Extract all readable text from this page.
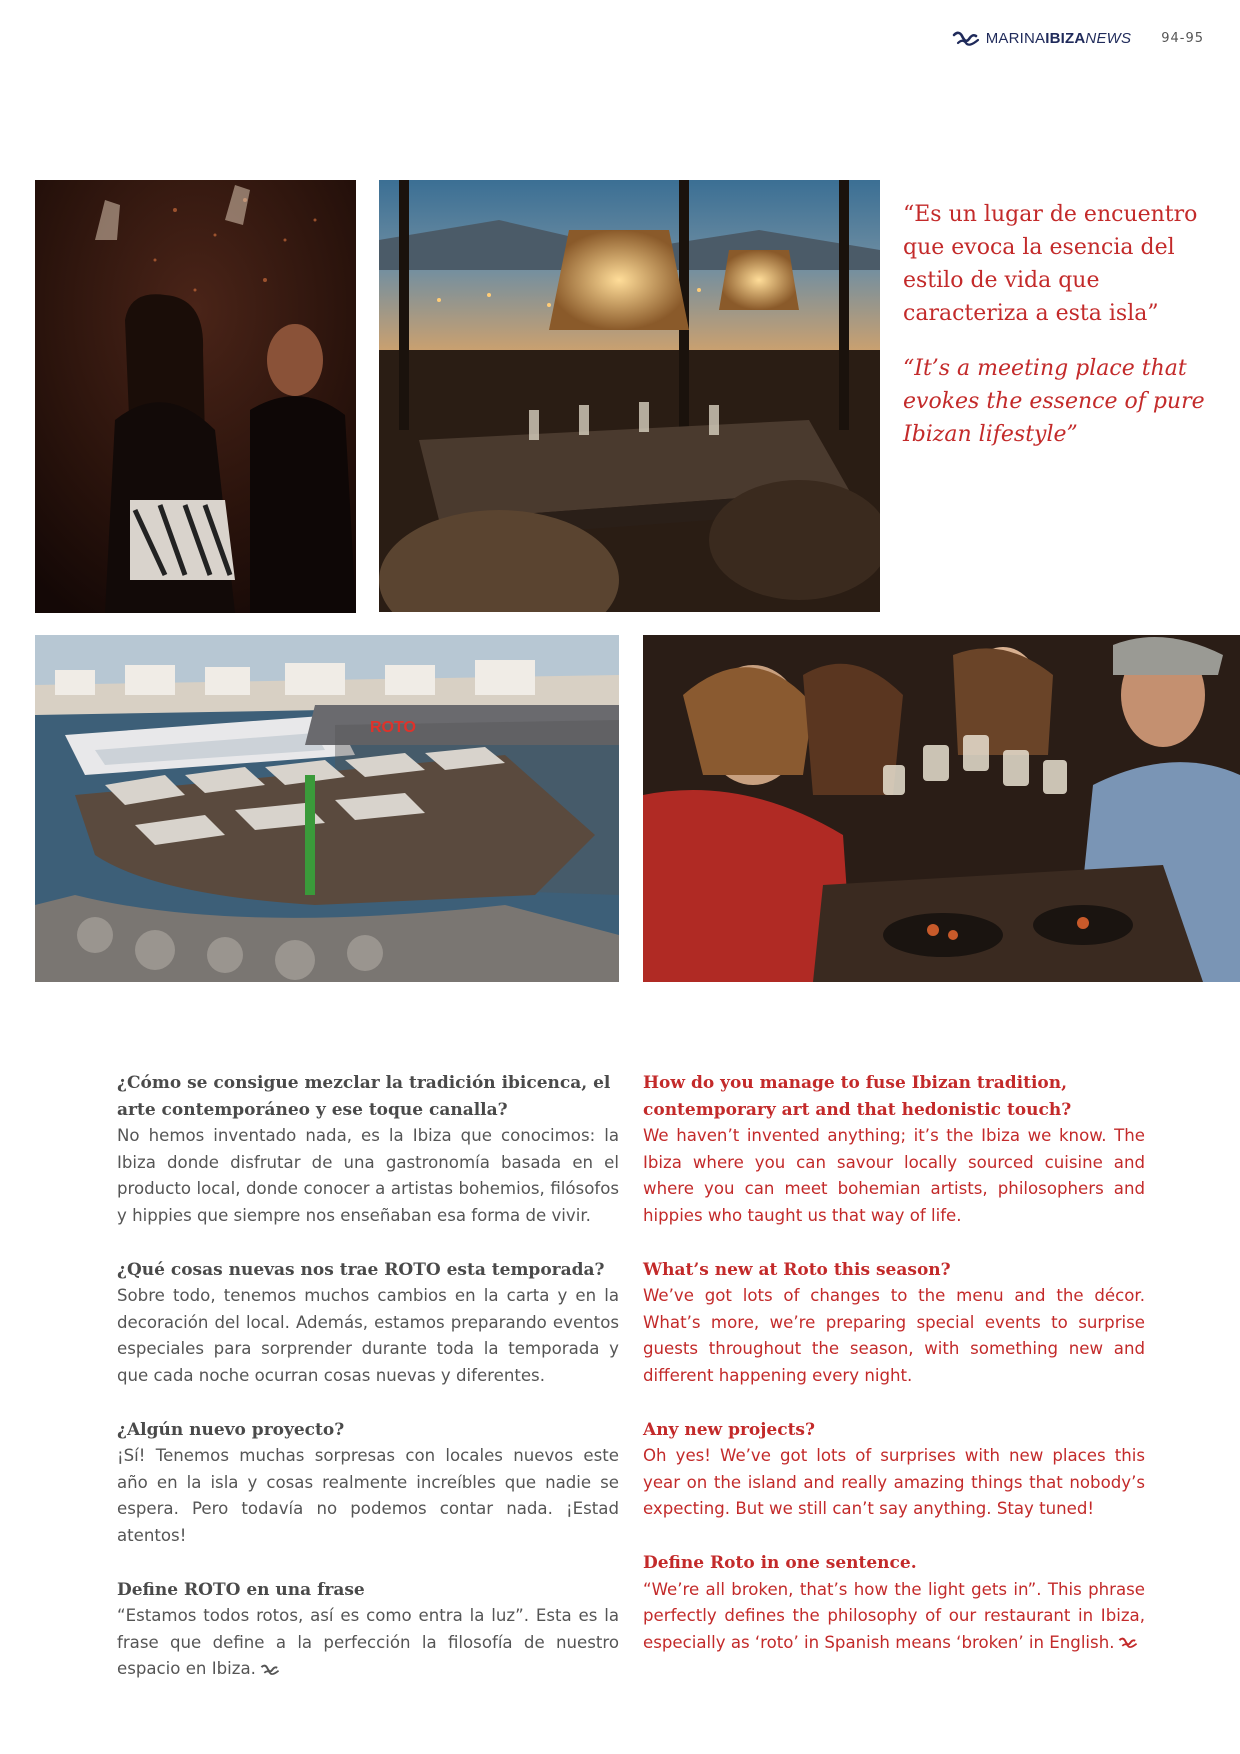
MARINAIBIZANEWS 94-95

“Es un lugar de encuentro que evoca la esencia del estilo de vida que caracteriza a esta isla”

“It’s a meeting place that evokes the essence of pure Ibizan lifestyle”

ROTO

¿Cómo se consigue mezclar la tradición ibicenca, el arte contemporáneo y ese toque canalla?

No hemos inventado nada, es la Ibiza que conocimos: la Ibiza donde disfrutar de una gastronomía basada en el producto local, donde conocer a artistas bohemios, filósofos y hippies que siempre nos enseñaban esa forma de vivir.

¿Qué cosas nuevas nos trae ROTO esta temporada?

Sobre todo, tenemos muchos cambios en la carta y en la decoración del local. Además, estamos preparando eventos especiales para sorprender durante toda la temporada y que cada noche ocurran cosas nuevas y diferentes.

¿Algún nuevo proyecto?

¡Sí! Tenemos muchas sorpresas con locales nuevos este año en la isla y cosas realmente increíbles que nadie se espera. Pero todavía no podemos contar nada. ¡Estad atentos!

Define ROTO en una frase

“Estamos todos rotos, así es como entra la luz”. Esta es la frase que define a la perfección la filosofía de nuestro espacio en Ibiza.

How do you manage to fuse Ibizan tradition, contemporary art and that hedonistic touch?

We haven’t invented anything; it’s the Ibiza we know. The Ibiza where you can savour locally sourced cuisine and where you can meet bohemian artists, philosophers and hippies who taught us that way of life.

What’s new at Roto this season?

We’ve got lots of changes to the menu and the décor. What’s more, we’re preparing special events to surprise guests throughout the season, with something new and different happening every night.

Any new projects?

Oh yes! We’ve got lots of surprises with new places this year on the island and really amazing things that nobody’s expecting. But we still can’t say anything. Stay tuned!

Define Roto in one sentence.

“We’re all broken, that’s how the light gets in”. This phrase perfectly defines the philosophy of our restaurant in Ibiza, especially as ‘roto’ in Spanish means ‘broken’ in English.
